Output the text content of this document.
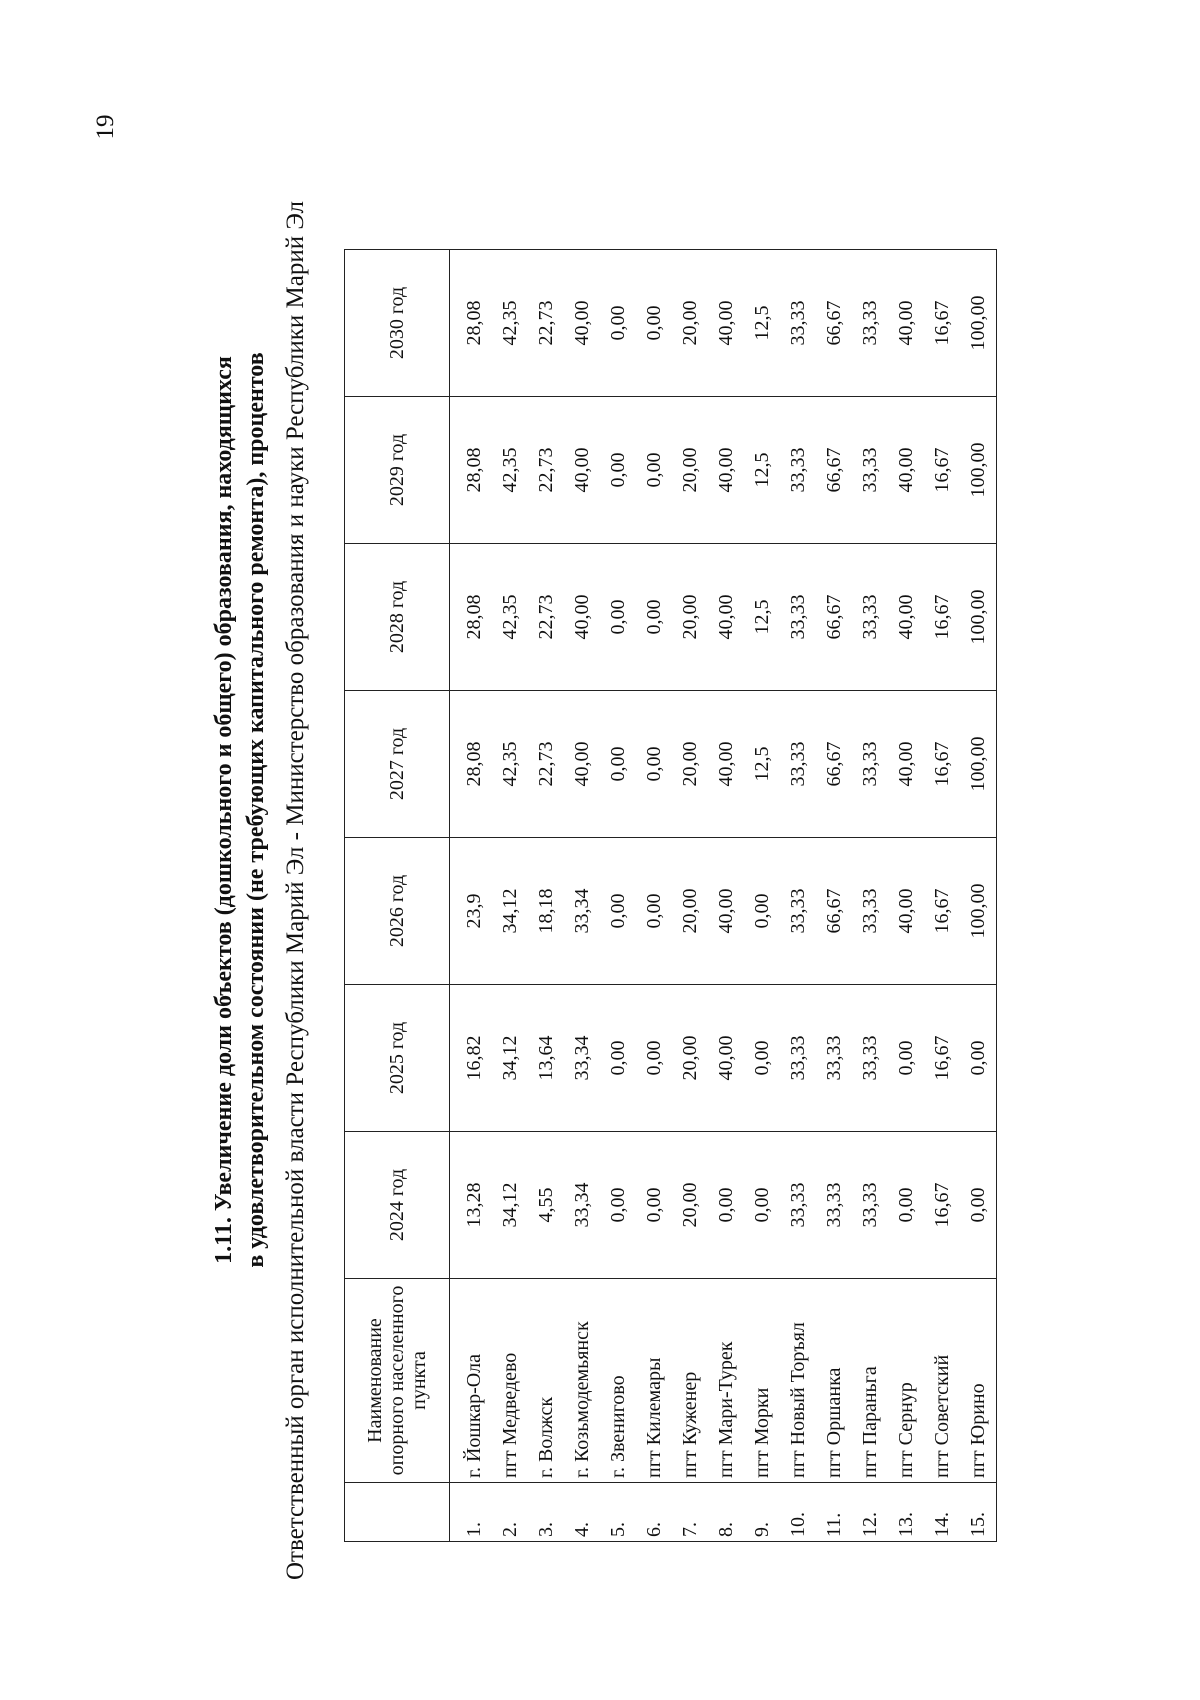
19
1.11. Увеличение доли объектов (дошкольного и общего) образования, находящихся в удовлетворительном состоянии (не требующих капитального ремонта), процентов Ответственный орган исполнительной власти Республики Марий Эл - Министерство образования и науки Республики Марий Эл
		Наименование опорного населенного пункта	2024 год	2025 год	2026 год	2027 год	2028 год	2029 год	2030 год
1.	г. Йошкар-Ола	13,28	16,82	23,9	28,08	28,08	28,08	28,08
2.	пгт Медведево	34,12	34,12	34,12	42,35	42,35	42,35	42,35
3.	г. Волжск	4,55	13,64	18,18	22,73	22,73	22,73	22,73
4.	г. Козьмодемьянск	33,34	33,34	33,34	40,00	40,00	40,00	40,00
5.	г. Звенигово	0,00	0,00	0,00	0,00	0,00	0,00	0,00
6.	пгт Килемары	0,00	0,00	0,00	0,00	0,00	0,00	0,00
7.	пгт Куженер	20,00	20,00	20,00	20,00	20,00	20,00	20,00
8.	пгт Мари-Турек	0,00	40,00	40,00	40,00	40,00	40,00	40,00
9.	пгт Морки	0,00	0,00	0,00	12,5	12,5	12,5	12,5
10.	пгт Новый Торъял	33,33	33,33	33,33	33,33	33,33	33,33	33,33
11.	пгт Оршанка	33,33	33,33	66,67	66,67	66,67	66,67	66,67
12.	пгт Параньга	33,33	33,33	33,33	33,33	33,33	33,33	33,33
13.	пгт Сернур	0,00	0,00	40,00	40,00	40,00	40,00	40,00
14.	пгт Советский	16,67	16,67	16,67	16,67	16,67	16,67	16,67
15.	пгт Юрино	0,00	0,00	100,00	100,00	100,00	100,00	100,00
